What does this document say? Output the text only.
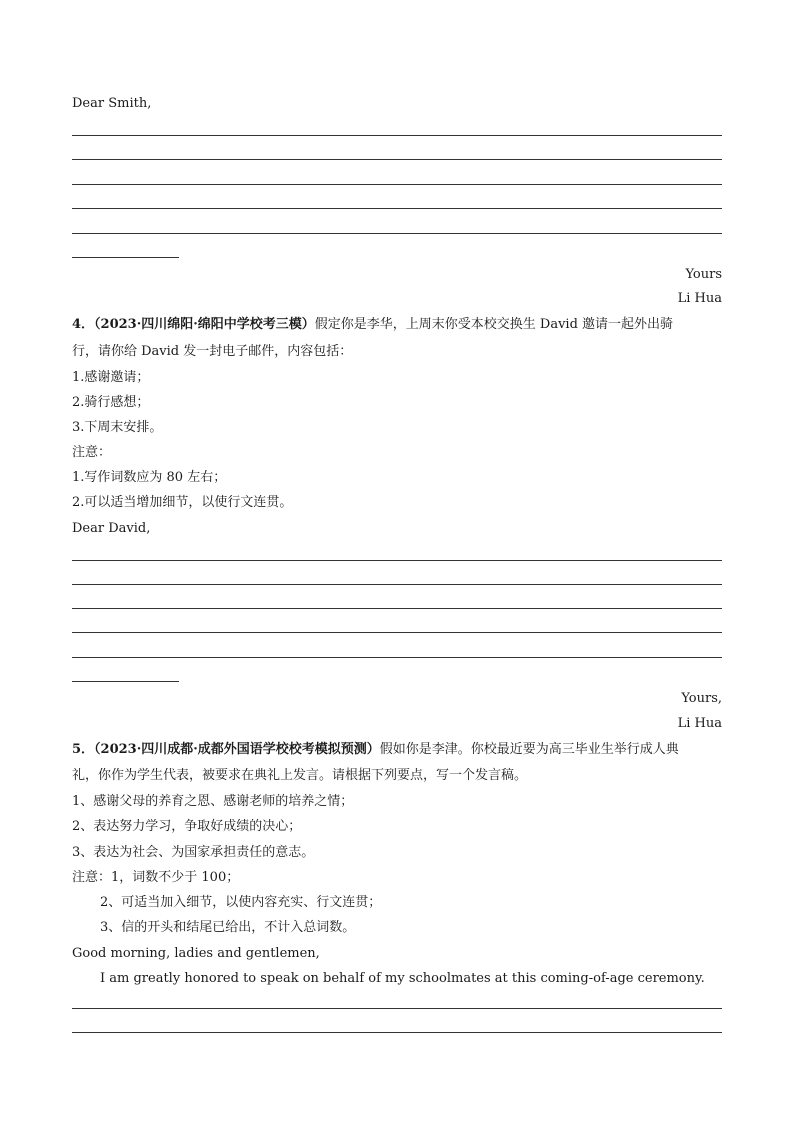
Dear Smith,
Yours
Li Hua
4．（2023·四川绵阳·绵阳中学校考三模）假定你是李华，上周末你受本校交换生 David 邀请一起外出骑
行，请你给 David 发一封电子邮件，内容包括：
1.感谢邀请；
2.骑行感想；
3.下周末安排。
注意：
1.写作词数应为 80 左右；
2.可以适当增加细节，以使行文连贯。
Dear David,
Yours,
Li Hua
5．（2023·四川成都·成都外国语学校校考模拟预测）假如你是李津。你校最近要为高三毕业生举行成人典
礼，你作为学生代表，被要求在典礼上发言。请根据下列要点，写一个发言稿。
1、感谢父母的养育之恩、感谢老师的培养之情；
2、表达努力学习，争取好成绩的决心；
3、表达为社会、为国家承担责任的意志。
注意：1，词数不少于 100；
2、可适当加入细节，以使内容充实、行文连贯；
3、信的开头和结尾已给出，不计入总词数。
Good morning, ladies and gentlemen,
I am greatly honored to speak on behalf of my schoolmates at this coming-of-age ceremony.
